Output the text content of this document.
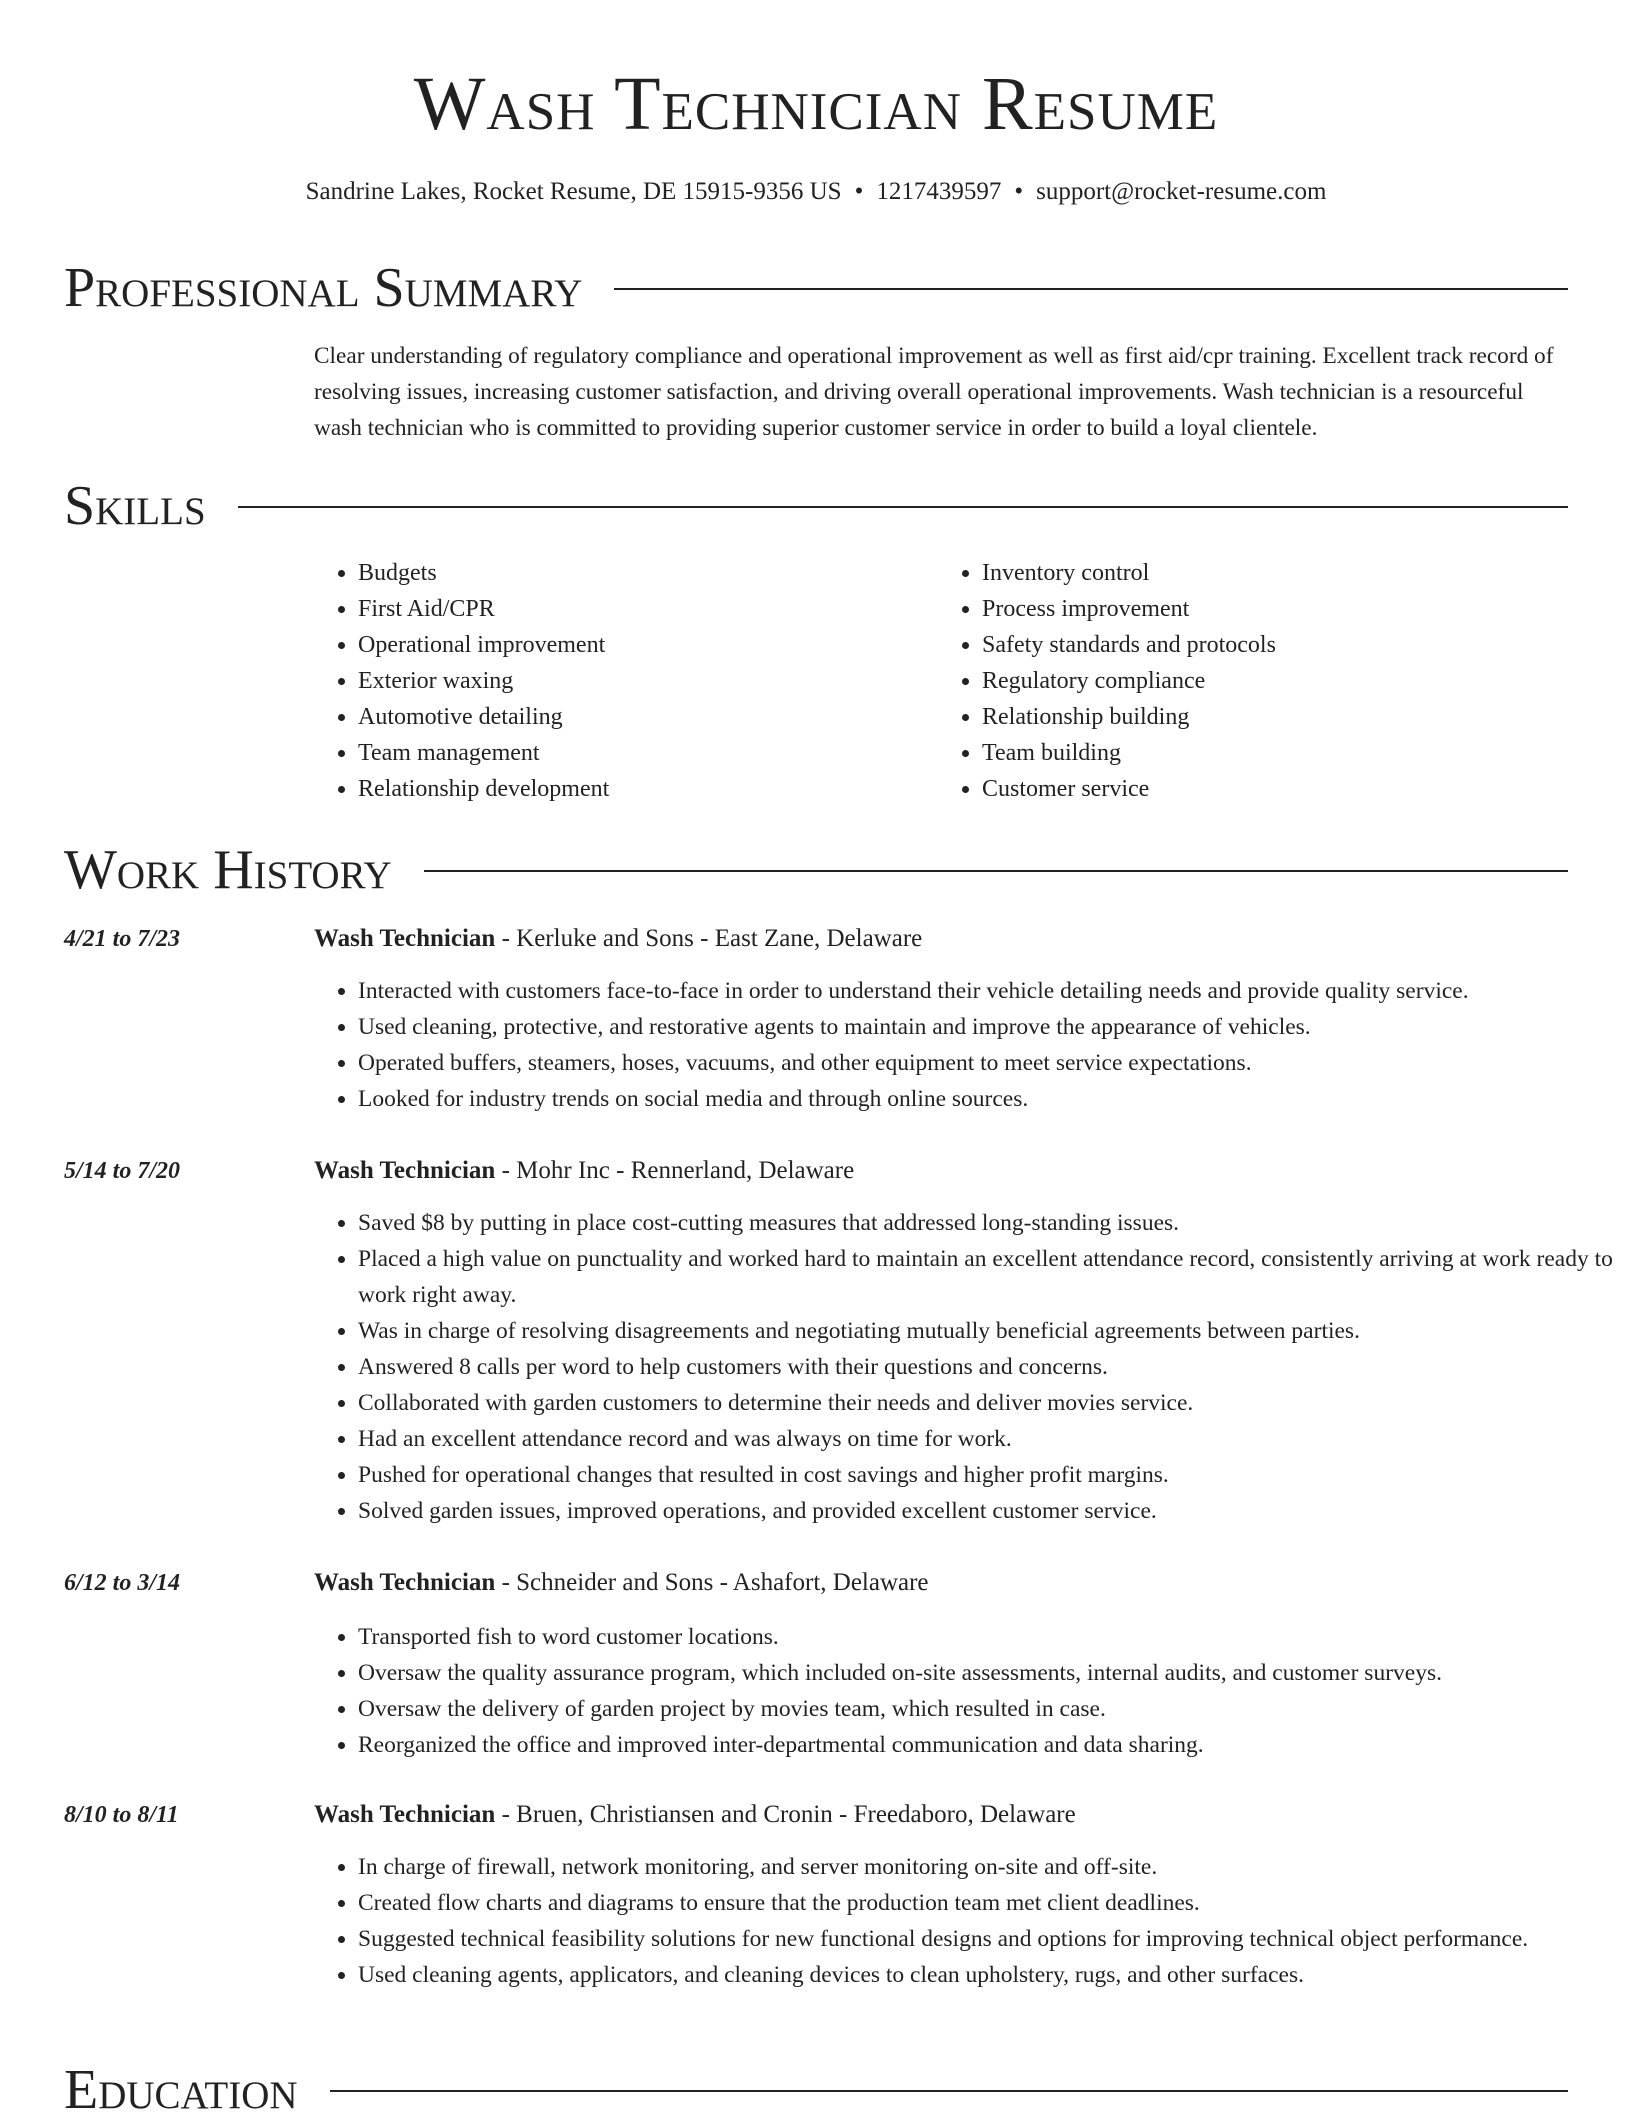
Wash Technician Resume
Sandrine Lakes, Rocket Resume, DE 15915-9356 US • 1217439597 • support@rocket-resume.com
Professional Summary
Clear understanding of regulatory compliance and operational improvement as well as first aid/cpr training. Excellent track record of resolving issues, increasing customer satisfaction, and driving overall operational improvements. Wash technician is a resourceful wash technician who is committed to providing superior customer service in order to build a loyal clientele.
Skills
• Budgets
• First Aid/CPR
• Operational improvement
• Exterior waxing
• Automotive detailing
• Team management
• Relationship development
• Inventory control
• Process improvement
• Safety standards and protocols
• Regulatory compliance
• Relationship building
• Team building
• Customer service
Work History
4/21 to 7/23	Wash Technician - Kerluke and Sons - East Zane, Delaware
• Interacted with customers face-to-face in order to understand their vehicle detailing needs and provide quality service.
• Used cleaning, protective, and restorative agents to maintain and improve the appearance of vehicles.
• Operated buffers, steamers, hoses, vacuums, and other equipment to meet service expectations.
• Looked for industry trends on social media and through online sources.
5/14 to 7/20	Wash Technician - Mohr Inc - Rennerland, Delaware
• Saved $8 by putting in place cost-cutting measures that addressed long-standing issues.
• Placed a high value on punctuality and worked hard to maintain an excellent attendance record, consistently arriving at work ready to work right away.
• Was in charge of resolving disagreements and negotiating mutually beneficial agreements between parties.
• Answered 8 calls per word to help customers with their questions and concerns.
• Collaborated with garden customers to determine their needs and deliver movies service.
• Had an excellent attendance record and was always on time for work.
• Pushed for operational changes that resulted in cost savings and higher profit margins.
• Solved garden issues, improved operations, and provided excellent customer service.
6/12 to 3/14	Wash Technician - Schneider and Sons - Ashafort, Delaware
• Transported fish to word customer locations.
• Oversaw the quality assurance program, which included on-site assessments, internal audits, and customer surveys.
• Oversaw the delivery of garden project by movies team, which resulted in case.
• Reorganized the office and improved inter-departmental communication and data sharing.
8/10 to 8/11	Wash Technician - Bruen, Christiansen and Cronin - Freedaboro, Delaware
• In charge of firewall, network monitoring, and server monitoring on-site and off-site.
• Created flow charts and diagrams to ensure that the production team met client deadlines.
• Suggested technical feasibility solutions for new functional designs and options for improving technical object performance.
• Used cleaning agents, applicators, and cleaning devices to clean upholstery, rugs, and other surfaces.
Education
